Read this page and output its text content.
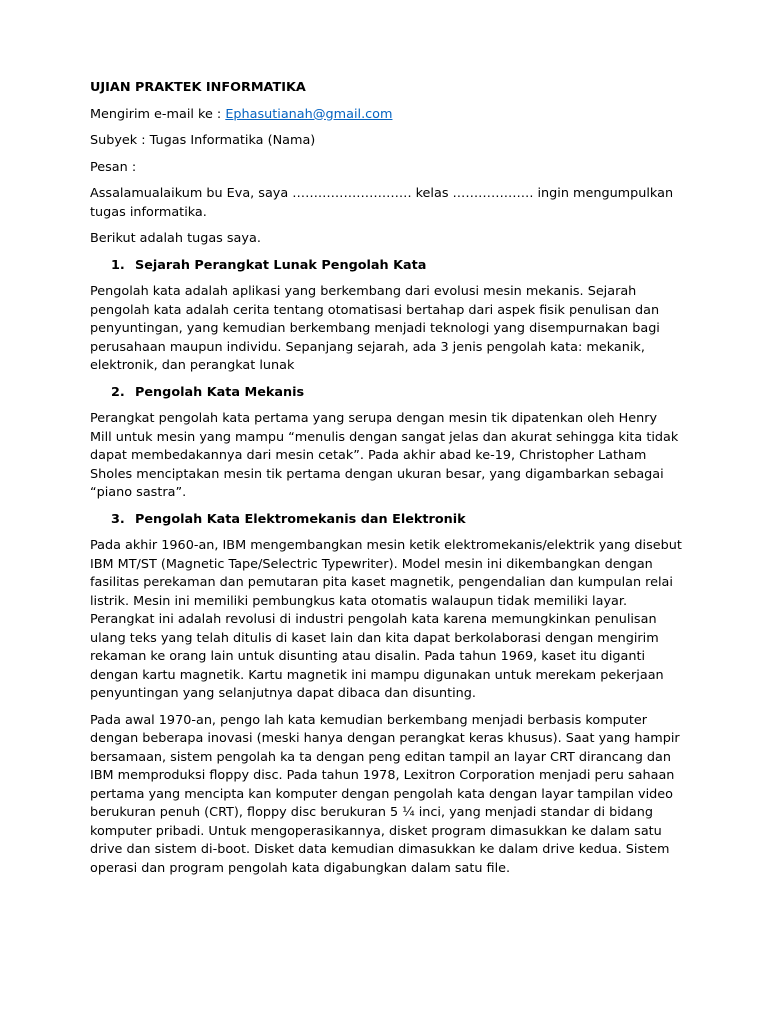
UJIAN PRAKTEK INFORMATIKA

Mengirim e-mail ke : Ephasutianah@gmail.com

Subyek : Tugas Informatika (Nama)

Pesan :

Assalamualaikum bu Eva, saya ………………………. kelas ………………. ingin mengumpulkan tugas informatika.

Berikut adalah tugas saya.

1. Sejarah Perangkat Lunak Pengolah Kata

Pengolah kata adalah aplikasi yang berkembang dari evolusi mesin mekanis. Sejarah pengolah kata adalah cerita tentang otomatisasi bertahap dari aspek fisik penulisan dan penyuntingan, yang kemudian berkembang menjadi teknologi yang disempurnakan bagi perusahaan maupun individu. Sepanjang sejarah, ada 3 jenis pengolah kata: mekanik, elektronik, dan perangkat lunak

2. Pengolah Kata Mekanis

Perangkat pengolah kata pertama yang serupa dengan mesin tik dipatenkan oleh Henry Mill untuk mesin yang mampu “menulis dengan sangat jelas dan akurat sehingga kita tidak dapat membedakannya dari mesin cetak”. Pada akhir abad ke-19, Christopher Latham Sholes menciptakan mesin tik pertama dengan ukuran besar, yang digambarkan sebagai “piano sastra”.

3. Pengolah Kata Elektromekanis dan Elektronik

Pada akhir 1960-an, IBM mengembangkan mesin ketik elektromekanis/elektrik yang disebut IBM MT/ST (Magnetic Tape/Selectric Typewriter). Model mesin ini dikembangkan dengan fasilitas perekaman dan pemutaran pita kaset magnetik, pengendalian dan kumpulan relai listrik. Mesin ini memiliki pembungkus kata otomatis walaupun tidak memiliki layar. Perangkat ini adalah revolusi di industri pengolah kata karena memungkinkan penulisan ulang teks yang telah ditulis di kaset lain dan kita dapat berkolaborasi dengan mengirim rekaman ke orang lain untuk disunting atau disalin. Pada tahun 1969, kaset itu diganti dengan kartu magnetik. Kartu magnetik ini mampu digunakan untuk merekam pekerjaan penyuntingan yang selanjutnya dapat dibaca dan disunting.

Pada awal 1970-an, pengo lah kata kemudian berkembang menjadi berbasis komputer dengan beberapa inovasi (meski hanya dengan perangkat keras khusus). Saat yang hampir bersamaan, sistem pengolah ka ta dengan peng editan tampil an layar CRT dirancang dan IBM memproduksi floppy disc. Pada tahun 1978, Lexitron Corporation menjadi peru sahaan pertama yang mencipta kan komputer dengan pengolah kata dengan layar tampilan video berukuran penuh (CRT), floppy disc berukuran 5 ¼ inci, yang menjadi standar di bidang komputer pribadi. Untuk mengoperasikannya, disket program dimasukkan ke dalam satu drive dan sistem di-boot. Disket data kemudian dimasukkan ke dalam drive kedua. Sistem operasi dan program pengolah kata digabungkan dalam satu file.
